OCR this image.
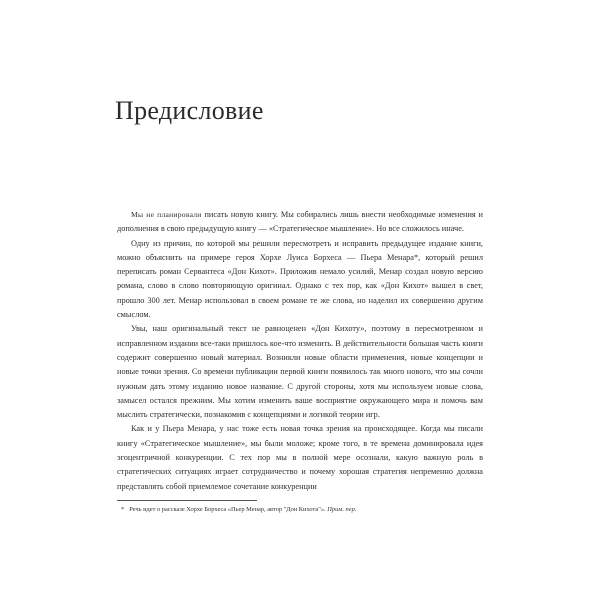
Предисловие

Мы не планировали писать новую книгу. Мы собирались лишь внести необходимые изменения и дополнения в свою предыдущую книгу — «Стратегическое мышление». Но все сложилось иначе.

Одну из причин, по которой мы решили пересмотреть и исправить предыдущее издание книги, можно объяснить на примере героя Хорхе Луиса Борхеса — Пьера Менара*, который решил переписать роман Сервантеса «Дон Кихот». Приложив немало усилий, Менар создал новую версию романа, слово в слово повторяющую оригинал. Однако с тех пор, как «Дон Кихот» вышел в свет, прошло 300 лет. Менар использовал в своем романе те же слова, но наделил их совершенно другим смыслом.

Увы, наш оригинальный текст не равноценен «Дон Кихоту», поэтому в пересмотренном и исправленном издании все-таки пришлось кое-что изменить. В действительности большая часть книги содержит совершенно новый материал. Возникли новые области применения, новые концепции и новые точки зрения. Со времени публикации первой книги появилось так много нового, что мы сочли нужным дать этому изданию новое название. С другой стороны, хотя мы используем новые слова, замысел остался прежним. Мы хотим изменить ваше восприятие окружающего мира и помочь вам мыслить стратегически, познакомив с концепциями и логикой теории игр.

Как и у Пьера Менара, у нас тоже есть новая точка зрения на происходящее. Когда мы писали книгу «Стратегическое мышление», мы были моложе; кроме того, в те времена доминировала идея эгоцентричной конкуренции. С тех пор мы в полной мере осознали, какую важную роль в стратегических ситуациях играет сотрудничество и почему хорошая стратегия непременно должна представлять собой приемлемое сочетание конкуренции

* Речь идет о рассказе Хорхе Борхеса «Пьер Менар, автор "Дон Кихота"». Прим. пер.
